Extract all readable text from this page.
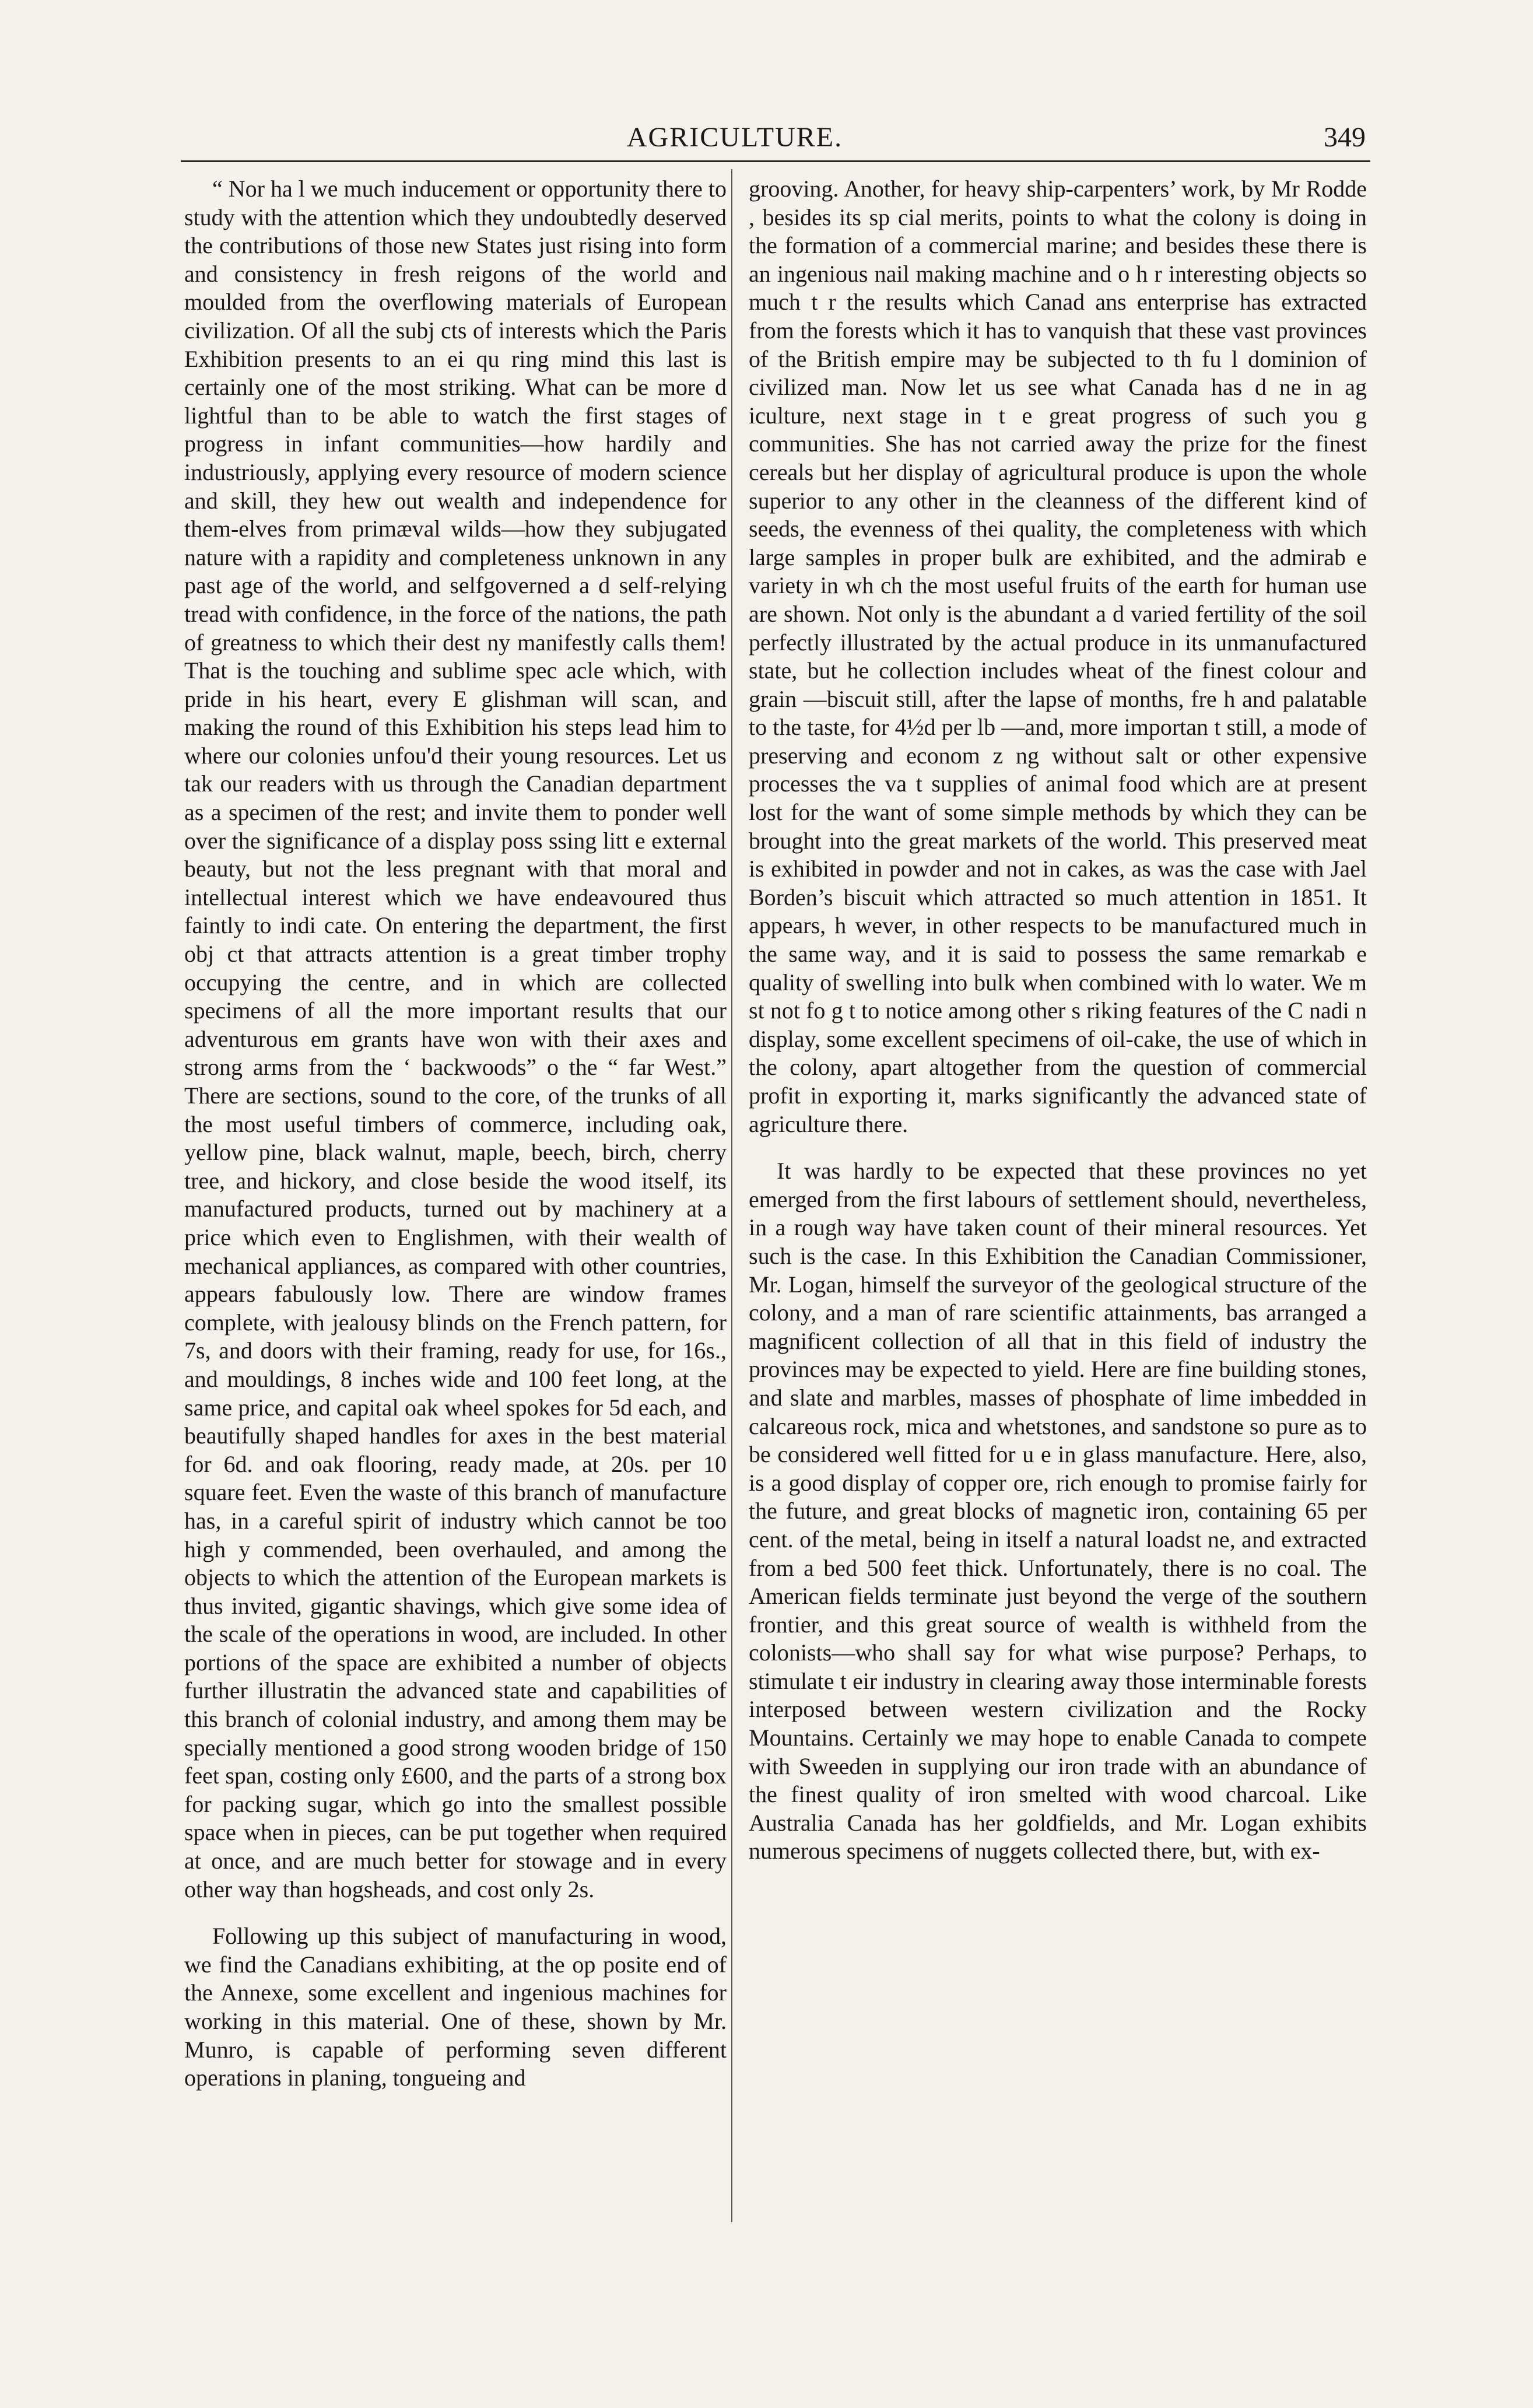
AGRICULTURE.	349

“ Nor ha l we much inducement or opportunity there to study with the attention which they undoubtedly deserved the contributions of those new States just rising into form and consistency in fresh reigons of the world and moulded from the overflowing materials of European civilization. Of all the subj cts of interests which the Paris Exhibition presents to an ei qu ring mind this last is certainly one of the most striking. What can be more d lightful than to be able to watch the first stages of progress in infant communities—how hardily and industriously, applying every resource of modern science and skill, they hew out wealth and independence for them-elves from primæval wilds—how they subjugated nature with a rapidity and completeness unknown in any past age of the world, and selfgoverned a d self-relying tread with confidence, in the force of the nations, the path of greatness to which their dest ny manifestly calls them! That is the touching and sublime spec acle which, with pride in his heart, every E glishman will scan, and making the round of this Exhibition his steps lead him to where our colonies unfou'd their young resources. Let us tak our readers with us through the Canadian department as a specimen of the rest; and invite them to ponder well over the significance of a display poss ssing litt e external beauty, but not the less pregnant with that moral and intellectual interest which we have endeavoured thus faintly to indi cate. On entering the department, the first obj ct that attracts attention is a great timber trophy occupying the centre, and in which are collected specimens of all the more important results that our adventurous em grants have won with their axes and strong arms from the ‘ backwoods” o the “ far West.” There are sections, sound to the core, of the trunks of all the most useful timbers of commerce, including oak, yellow pine, black walnut, maple, beech, birch, cherry tree, and hickory, and close beside the wood itself, its manufactured products, turned out by machinery at a price which even to Englishmen, with their wealth of mechanical appliances, as compared with other countries, appears fabulously low. There are window frames complete, with jealousy blinds on the French pattern, for 7s, and doors with their framing, ready for use, for 16s., and mouldings, 8 inches wide and 100 feet long, at the same price, and capital oak wheel spokes for 5d each, and beautifully shaped handles for axes in the best material for 6d. and oak flooring, ready made, at 20s. per 10 square feet. Even the waste of this branch of manufacture has, in a careful spirit of industry which cannot be too high y commended, been overhauled, and among the objects to which the attention of the European markets is thus invited, gigantic shavings, which give some idea of the scale of the operations in wood, are included. In other portions of the space are exhibited a number of objects further illustratin the advanced state and capabilities of this branch of colonial industry, and among them may be specially mentioned a good strong wooden bridge of 150 feet span, costing only £600, and the parts of a strong box for packing sugar, which go into the smallest possible space when in pieces, can be put together when required at once, and are much better for stowage and in every other way than hogsheads, and cost only 2s.

Following up this subject of manufacturing in wood, we find the Canadians exhibiting, at the op posite end of the Annexe, some excellent and ingenious machines for working in this material. One of these, shown by Mr. Munro, is capable of performing seven different operations in planing, tongueing and

grooving. Another, for heavy ship-carpenters’ work, by Mr Rodde , besides its sp cial merits, points to what the colony is doing in the formation of a commercial marine; and besides these there is an ingenious nail making machine and o h r interesting objects so much t r the results which Canad ans enterprise has extracted from the forests which it has to vanquish that these vast provinces of the British empire may be subjected to th fu l dominion of civilized man. Now let us see what Canada has d ne in ag iculture, next stage in t e great progress of such you g communities. She has not carried away the prize for the finest cereals but her display of agricultural produce is upon the whole superior to any other in the cleanness of the different kind of seeds, the evenness of thei quality, the completeness with which large samples in proper bulk are exhibited, and the admirab e variety in wh ch the most useful fruits of the earth for human use are shown. Not only is the abundant a d varied fertility of the soil perfectly illustrated by the actual produce in its unmanufactured state, but he collection includes wheat of the finest colour and grain —biscuit still, after the lapse of months, fre h and palatable to the taste, for 4½d per lb —and, more importan t still, a mode of preserving and econom z ng without salt or other expensive processes the va t supplies of animal food which are at present lost for the want of some simple methods by which they can be brought into the great markets of the world. This preserved meat is exhibited in powder and not in cakes, as was the case with Jael Borden’s biscuit which attracted so much attention in 1851. It appears, h wever, in other respects to be manufactured much in the same way, and it is said to possess the same remarkab e quality of swelling into bulk when combined with lo water. We m st not fo g t to notice among other s riking features of the C nadi n display, some excellent specimens of oil-cake, the use of which in the colony, apart altogether from the question of commercial profit in exporting it, marks significantly the advanced state of agriculture there.

It was hardly to be expected that these provinces no yet emerged from the first labours of settlement should, nevertheless, in a rough way have taken count of their mineral resources. Yet such is the case. In this Exhibition the Canadian Commissioner, Mr. Logan, himself the surveyor of the geological structure of the colony, and a man of rare scientific attainments, bas arranged a magnificent collection of all that in this field of industry the provinces may be expected to yield. Here are fine building stones, and slate and marbles, masses of phosphate of lime imbedded in calcareous rock, mica and whetstones, and sandstone so pure as to be considered well fitted for u e in glass manufacture. Here, also, is a good display of copper ore, rich enough to promise fairly for the future, and great blocks of magnetic iron, containing 65 per cent. of the metal, being in itself a natural loadst ne, and extracted from a bed 500 feet thick. Unfortunately, there is no coal. The American fields terminate just beyond the verge of the southern frontier, and this great source of wealth is withheld from the colonists—who shall say for what wise purpose? Perhaps, to stimulate t eir industry in clearing away those interminable forests interposed between western civilization and the Rocky Mountains. Certainly we may hope to enable Canada to compete with Sweeden in supplying our iron trade with an abundance of the finest quality of iron smelted with wood charcoal. Like Australia Canada has her goldfields, and Mr. Logan exhibits numerous specimens of nuggets collected there, but, with ex-
